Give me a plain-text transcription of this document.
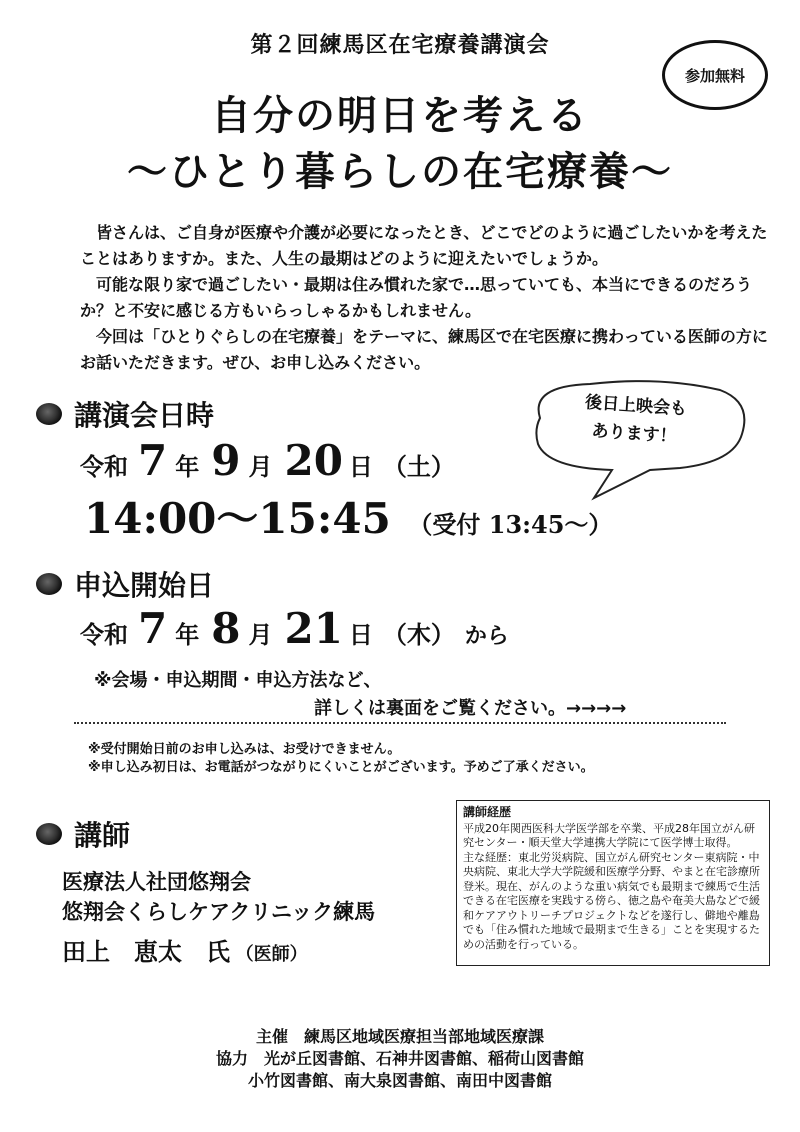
第２回練馬区在宅療養講演会
参加無料
自分の明日を考える
～ひとり暮らしの在宅療養～

皆さんは、ご自身が医療や介護が必要になったとき、どこでどのように過ごしたいかを考えたことはありますか。また、人生の最期はどのように迎えたいでしょうか。

可能な限り家で過ごしたい・最期は住み慣れた家で…思っていても、本当にできるのだろうか？と不安に感じる方もいらっしゃるかもしれません。

今回は「ひとりぐらしの在宅療養」をテーマに、練馬区で在宅医療に携わっている医師の方にお話いただきます。ぜひ、お申し込みください。

講演会日時
令和 7 年 9 月 20 日 （土）
14:00～15:45 （受付 13:45～）
後日上映会も
あります！
申込開始日
令和 7 年 8 月 21 日 （木） から
※会場・申込期間・申込方法など、
詳しくは裏面をご覧ください。→→→→
※受付開始日前のお申し込みは、お受けできません。
※申し込み初日は、お電話がつながりにくいことがございます。予めご了承ください。
講師
医療法人社団悠翔会
悠翔会くらしケアクリニック練馬
田上　恵太　氏 （医師）
講師経歴

平成20年関西医科大学医学部を卒業、平成28年国立がん研究センター・順天堂大学連携大学院にて医学博士取得。

主な経歴：東北労災病院、国立がん研究センター東病院・中央病院、東北大学大学院緩和医療学分野、やまと在宅診療所登米。現在、がんのような重い病気でも最期まで練馬で生活できる在宅医療を実践する傍ら、徳之島や奄美大島などで緩和ケアアウトリーチプロジェクトなどを遂行し、僻地や離島でも「住み慣れた地域で最期まで生きる」ことを実現するための活動を行っている。

主催　練馬区地域医療担当部地域医療課
協力　光が丘図書館、石神井図書館、稲荷山図書館
小竹図書館、南大泉図書館、南田中図書館
